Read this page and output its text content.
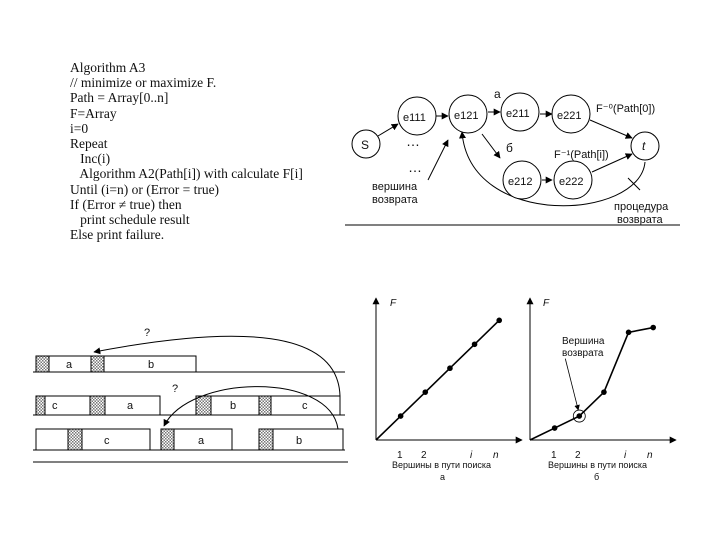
Algorithm A3
// minimize or maximize F.
Path = Array[0..n]
F=Array
i=0
Repeat
Inc(i)
Algorithm A2(Path[i]) with calculate F[i]
Until (i=n) or (Error = true)
If (Error ≠ true) then
print schedule result
Else print failure.
S	t
e111	e121	e211 e221
e212 e222
a
б
…
…
F⁻⁰(Path[0])
F⁻¹(Path[i])
вершина
возврата
процедура
возврата
?
?
a	b
c	a	b	c
c	a	b
F
1 2	i n
Вершины в пути поиска
а
F
1 2	i n
Вершины в пути поиска
б
Вершина
возврата
